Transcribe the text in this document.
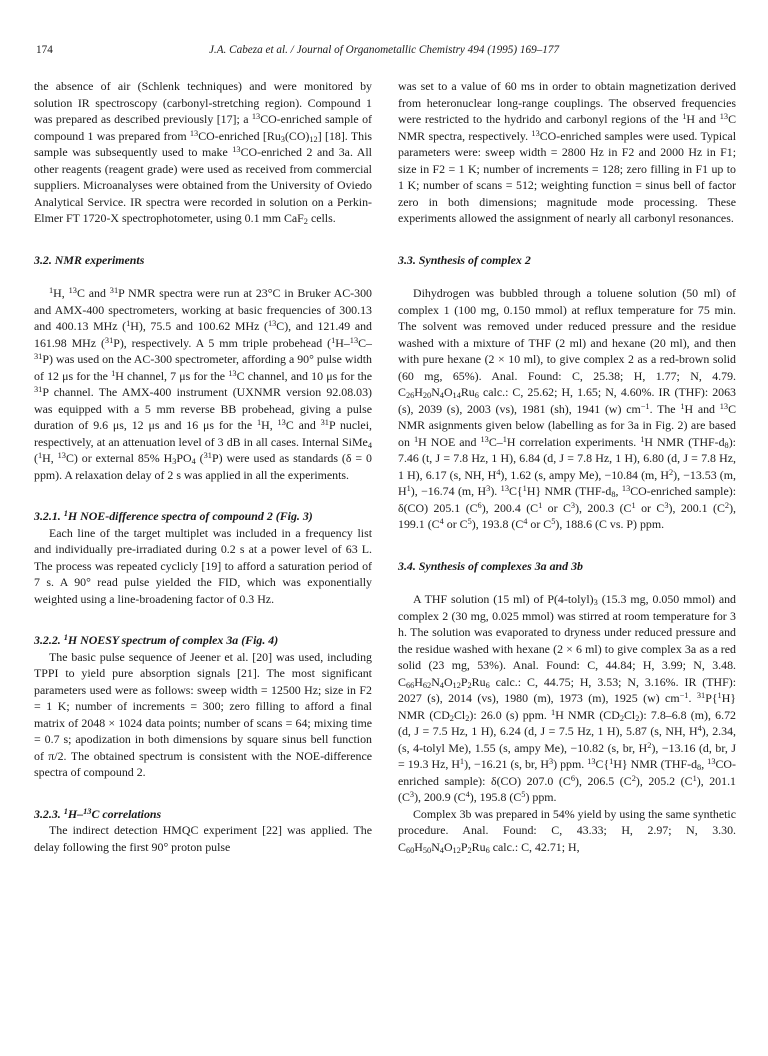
174	J.A. Cabeza et al. / Journal of Organometallic Chemistry 494 (1995) 169–177

the absence of air (Schlenk techniques) and were monitored by solution IR spectroscopy (carbonyl-stretching region). Compound 1 was prepared as described previously [17]; a $^{13}$CO-enriched sample of compound 1 was prepared from $^{13}$CO-enriched $[Ru_3(CO)_{12}]$ [18]. This sample was subsequently used to make $^{13}$CO-enriched 2 and 3a. All other reagents (reagent grade) were used as received from commercial suppliers. Microanalyses were obtained from the University of Oviedo Analytical Service. IR spectra were recorded in solution on a Perkin-Elmer FT 1720-X spectrophotometer, using 0.1 mm CaF$_2$ cells.

3.2. NMR experiments

$^1$H, $^{13}$C and $^{31}$P NMR spectra were run at 23°C in Bruker AC-300 and AMX-400 spectrometers, working at basic frequencies of 300.13 and 400.13 MHz ($^1$H), 75.5 and 100.62 MHz ($^{13}$C), and 121.49 and 161.98 MHz ($^{31}$P), respectively. A 5 mm triple probehead ($^1$H–$^{13}$C–$^{31}$P) was used on the AC-300 spectrometer, affording a 90° pulse width of 12 μs for the $^1$H channel, 7 μs for the $^{13}$C channel, and 10 μs for the $^{31}$P channel. The AMX-400 instrument (UXNMR version 92.08.03) was equipped with a 5 mm reverse BB probehead, giving a pulse duration of 9.6 μs, 12 μs and 16 μs for the $^1$H, $^{13}$C and $^{31}$P nuclei, respectively, at an attenuation level of 3 dB in all cases. Internal SiMe$_4$ ($^1$H, $^{13}$C) or external 85% $H_3PO_4$ ($^{31}$P) were used as standards (δ = 0 ppm). A relaxation delay of 2 s was applied in all the experiments.

3.2.1. $^1$H NOE-difference spectra of compound 2 (Fig. 3)

Each line of the target multiplet was included in a frequency list and individually pre-irradiated during 0.2 s at a power level of 63 L. The process was repeated cyclicly [19] to afford a saturation period of 7 s. A 90° read pulse yielded the FID, which was exponentially weighted using a line-broadening factor of 0.3 Hz.

3.2.2. $^1$H NOESY spectrum of complex 3a (Fig. 4)

The basic pulse sequence of Jeener et al. [20] was used, including TPPI to yield pure absorption signals [21]. The most significant parameters used were as follows: sweep width = 12500 Hz; size in F2 = 1 K; number of increments = 300; zero filling to afford a final matrix of 2048 × 1024 data points; number of scans = 64; mixing time = 0.7 s; apodization in both dimensions by square sinus bell function of π/2. The obtained spectrum is consistent with the NOE-difference spectra of compound 2.

3.2.3. $^1$H–$^{13}$C correlations

The indirect detection HMQC experiment [22] was applied. The delay following the first 90° proton pulse

was set to a value of 60 ms in order to obtain magnetization derived from heteronuclear long-range couplings. The observed frequencies were restricted to the hydrido and carbonyl regions of the $^1$H and $^{13}$C NMR spectra, respectively. $^{13}$CO-enriched samples were used. Typical parameters were: sweep width = 2800 Hz in F2 and 2000 Hz in F1; size in F2 = 1 K; number of increments = 128; zero filling in F1 up to 1 K; number of scans = 512; weighting function = sinus bell of factor zero in both dimensions; magnitude mode processing. These experiments allowed the assignment of nearly all carbonyl resonances.

3.3. Synthesis of complex 2

Dihydrogen was bubbled through a toluene solution (50 ml) of complex 1 (100 mg, 0.150 mmol) at reflux temperature for 75 min. The solvent was removed under reduced pressure and the residue washed with a mixture of THF (2 ml) and hexane (20 ml), and then with pure hexane (2 × 10 ml), to give complex 2 as a red-brown solid (60 mg, 65%). Anal. Found: C, 25.38; H, 1.77; N, 4.79. $C_{26}H_{20}N_4O_{14}Ru_6$ calc.: C, 25.62; H, 1.65; N, 4.60%. IR (THF): 2063 (s), 2039 (s), 2003 (vs), 1981 (sh), 1941 (w) $cm^{-1}$. The $^1$H and $^{13}$C NMR asignments given below (labelling as for 3a in Fig. 2) are based on $^1$H NOE and $^{13}$C–$^1$H correlation experiments. $^1$H NMR $(THF-d_8)$: 7.46 (t, J = 7.8 Hz, 1 H), 6.84 (d, J = 7.8 Hz, 1 H), 6.80 (d, J = 7.8 Hz, 1 H), 6.17 (s, NH, $H^4$), 1.62 (s, ampy Me), −10.84 (m, $H^2$), −13.53 (m, $H^1$), −16.74 (m, $H^3$). $^{13}$C{$^1$H} NMR ($THF-d_8$, $^{13}$CO-enriched sample): δ(CO) 205.1 $(C^6)$, 200.4 ($C^1$ or $C^3$), 200.3 ($C^1$ or $C^3$), 200.1 $(C^2)$, 199.1 ($C^4$ or $C^5$), 193.8 ($C^4$ or $C^5$), 188.6 (C vs. P) ppm.

3.4. Synthesis of complexes 3a and 3b

A THF solution (15 ml) of $P(4-tolyl)_3$ (15.3 mg, 0.050 mmol) and complex 2 (30 mg, 0.025 mmol) was stirred at room temperature for 3 h. The solution was evaporated to dryness under reduced pressure and the residue washed with hexane (2 × 6 ml) to give complex 3a as a red solid (23 mg, 53%). Anal. Found: C, 44.84; H, 3.99; N, 3.48. $C_{66}H_{62}N_4O_{12}P_2Ru_6$ calc.: C, 44.75; H, 3.53; N, 3.16%. IR (THF): 2027 (s), 2014 (vs), 1980 (m), 1973 (m), 1925 (w) $cm^{-1}$. $^{31}$P{$^1$H} NMR $(CD_2Cl_2)$: 26.0 (s) ppm. $^1$H NMR $(CD_2Cl_2)$: 7.8–6.8 (m), 6.72 (d, J = 7.5 Hz, 1 H), 6.24 (d, J = 7.5 Hz, 1 H), 5.87 (s, NH, $H^4$), 2.34, (s, 4-tolyl Me), 1.55 (s, ampy Me), −10.82 (s, br, $H^2$), −13.16 (d, br, J = 19.3 Hz, $H^1$), −16.21 (s, br, $H^3$) ppm. $^{13}$C{$^1$H} NMR ($THF-d_8$, $^{13}$CO-enriched sample): δ(CO) 207.0 $(C^6)$, 206.5 $(C^2)$, 205.2 $(C^1)$, 201.1 $(C^3)$, 200.9 $(C^4)$, 195.8 $(C^5)$ ppm.

Complex 3b was prepared in 54% yield by using the same synthetic procedure. Anal. Found: C, 43.33; H, 2.97; N, 3.30. $C_{60}H_{50}N_4O_{12}P_2Ru_6$ calc.: C, 42.71; H,
